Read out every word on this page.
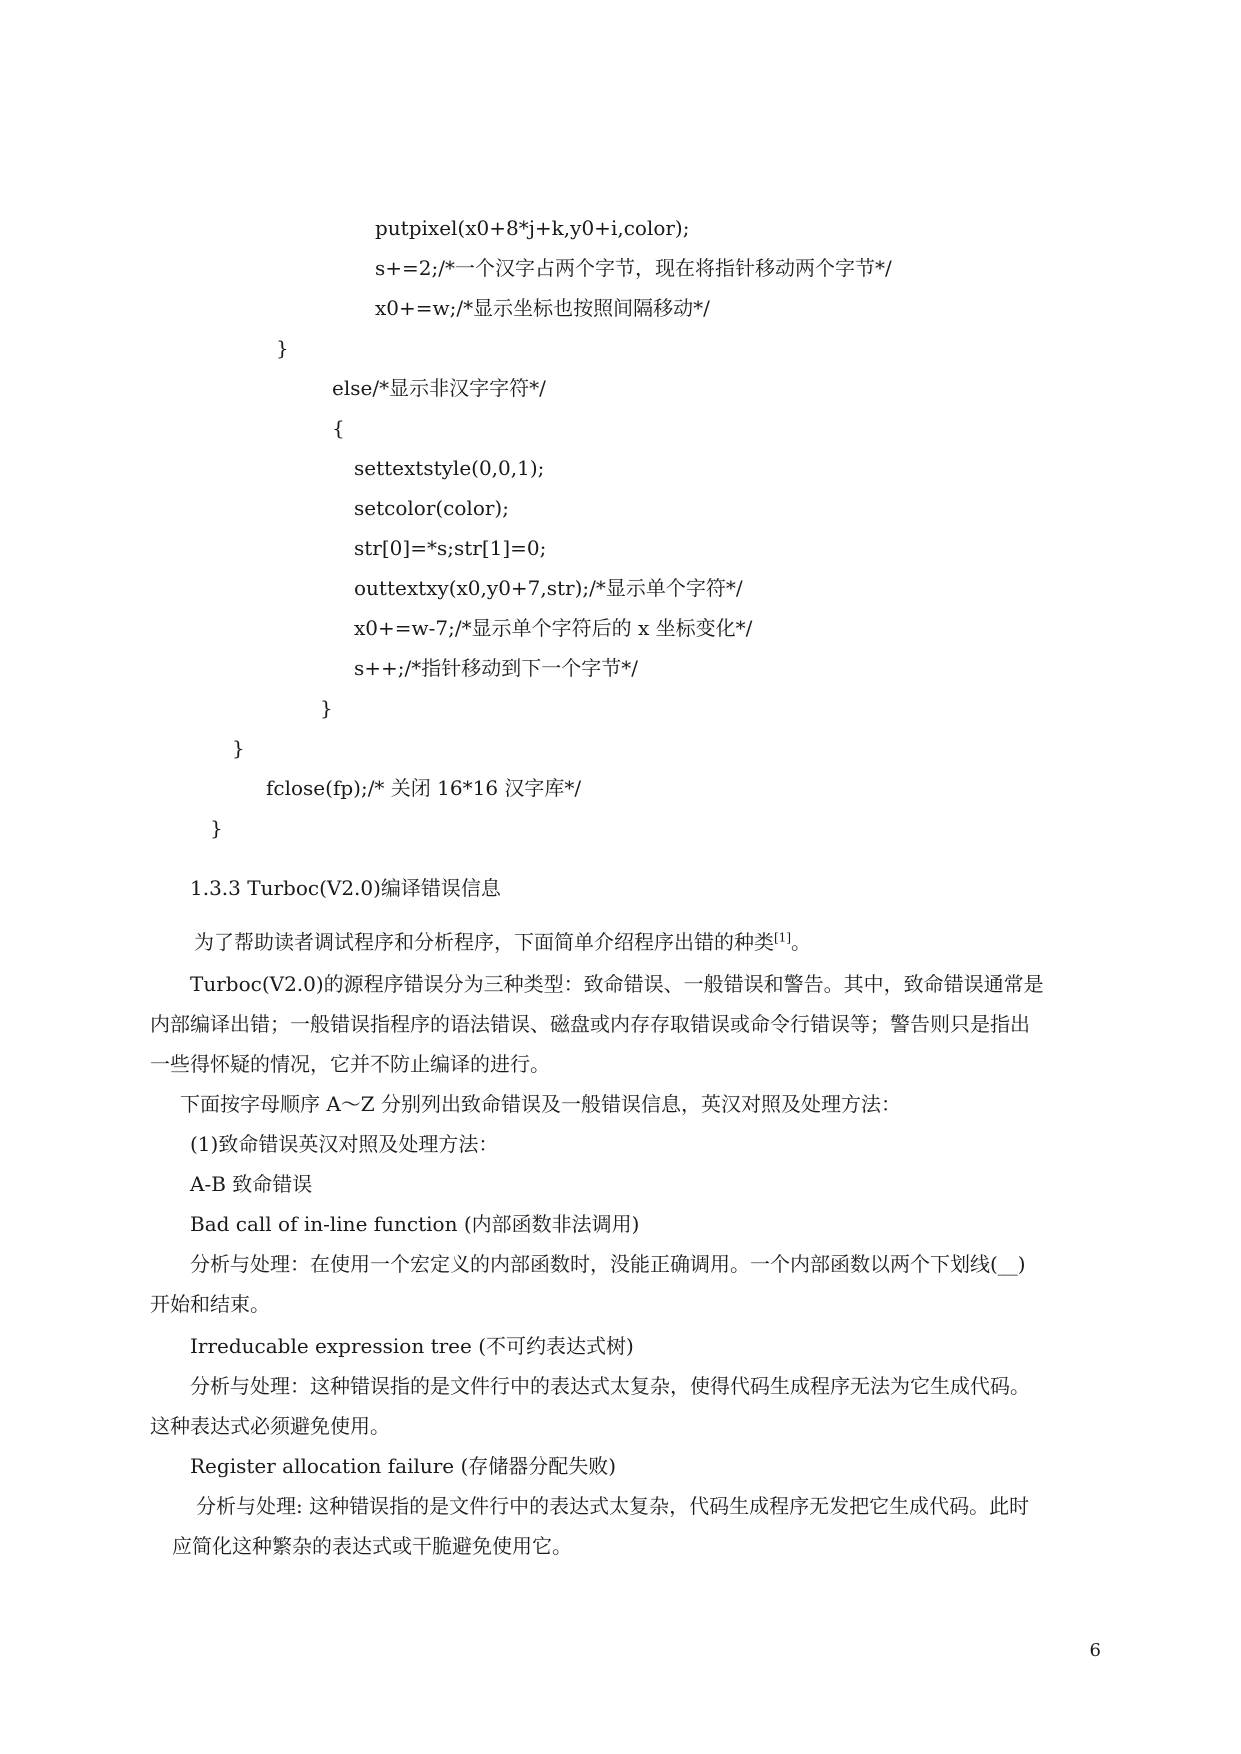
putpixel(x0+8*j+k,y0+i,color);
s+=2;/*一个汉字占两个字节，现在将指针移动两个字节*/
x0+=w;/*显示坐标也按照间隔移动*/
}
else/*显示非汉字字符*/
{
settextstyle(0,0,1);
setcolor(color);
str[0]=*s;str[1]=0;
outtextxy(x0,y0+7,str);/*显示单个字符*/
x0+=w-7;/*显示单个字符后的 x 坐标变化*/
s++;/*指针移动到下一个字节*/
}
}
fclose(fp);/* 关闭 16*16 汉字库*/
}
1.3.3 Turboc(V2.0)编译错误信息
为了帮助读者调试程序和分析程序，下面简单介绍程序出错的种类[1]。
Turboc(V2.0)的源程序错误分为三种类型：致命错误、一般错误和警告。其中，致命错误通常是
内部编译出错；一般错误指程序的语法错误、磁盘或内存存取错误或命令行错误等；警告则只是指出
一些得怀疑的情况，它并不防止编译的进行。
下面按字母顺序 A～Z 分别列出致命错误及一般错误信息，英汉对照及处理方法：
(1)致命错误英汉对照及处理方法：
A-B 致命错误
Bad call of in-line function (内部函数非法调用)
分析与处理：在使用一个宏定义的内部函数时，没能正确调用。一个内部函数以两个下划线(__)
开始和结束。
Irreducable expression tree (不可约表达式树)
分析与处理：这种错误指的是文件行中的表达式太复杂，使得代码生成程序无法为它生成代码。
这种表达式必须避免使用。
Register allocation failure (存储器分配失败)
分析与处理: 这种错误指的是文件行中的表达式太复杂，代码生成程序无发把它生成代码。此时
应简化这种繁杂的表达式或干脆避免使用它。
6
